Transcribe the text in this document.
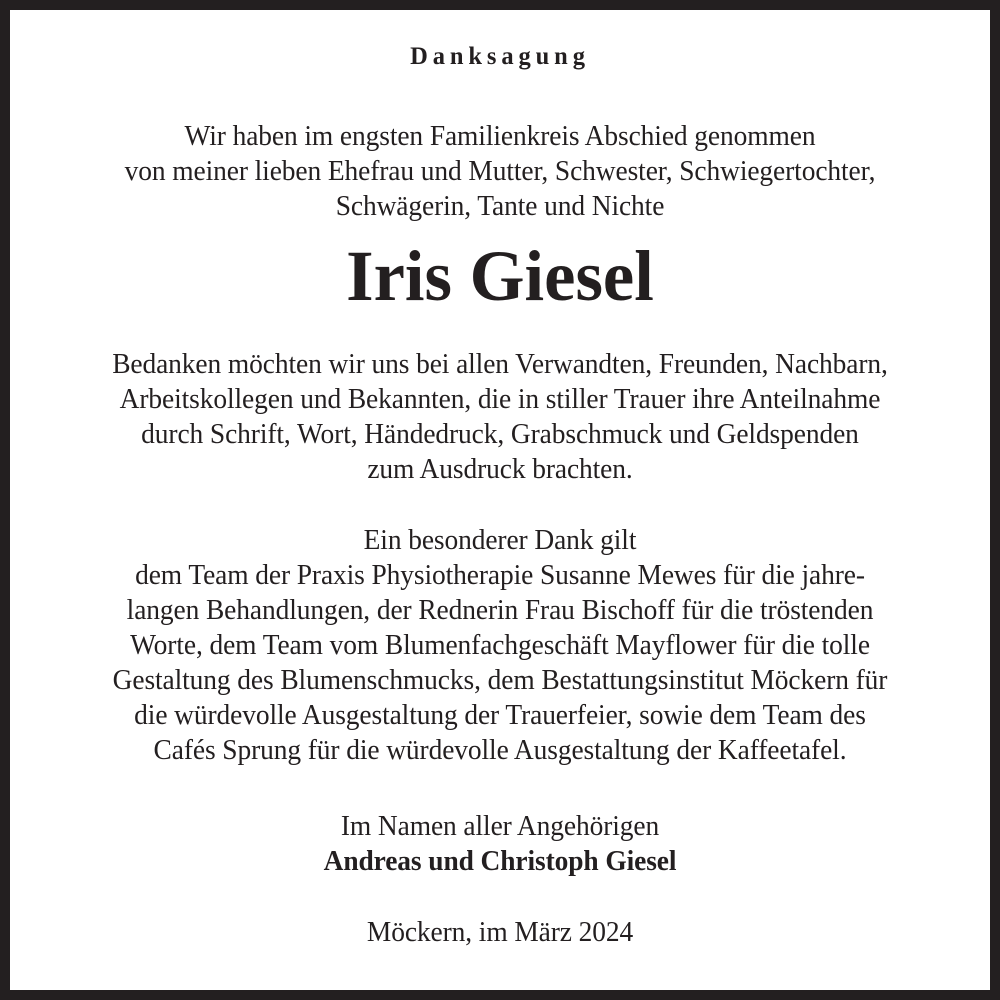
Danksagung
Wir haben im engsten Familienkreis Abschied genommen
von meiner lieben Ehefrau und Mutter, Schwester, Schwiegertochter,
Schwägerin, Tante und Nichte
Iris Giesel
Bedanken möchten wir uns bei allen Verwandten, Freunden, Nachbarn,
Arbeitskollegen und Bekannten, die in stiller Trauer ihre Anteilnahme
durch Schrift, Wort, Händedruck, Grabschmuck und Geldspenden
zum Ausdruck brachten.
Ein besonderer Dank gilt
dem Team der Praxis Physiotherapie Susanne Mewes für die jahre-
langen Behandlungen, der Rednerin Frau Bischoff für die tröstenden
Worte, dem Team vom Blumenfachgeschäft Mayflower für die tolle
Gestaltung des Blumenschmucks, dem Bestattungsinstitut Möckern für
die würdevolle Ausgestaltung der Trauerfeier, sowie dem Team des
Cafés Sprung für die würdevolle Ausgestaltung der Kaffeetafel.
Im Namen aller Angehörigen
Andreas und Christoph Giesel
Möckern, im März 2024
